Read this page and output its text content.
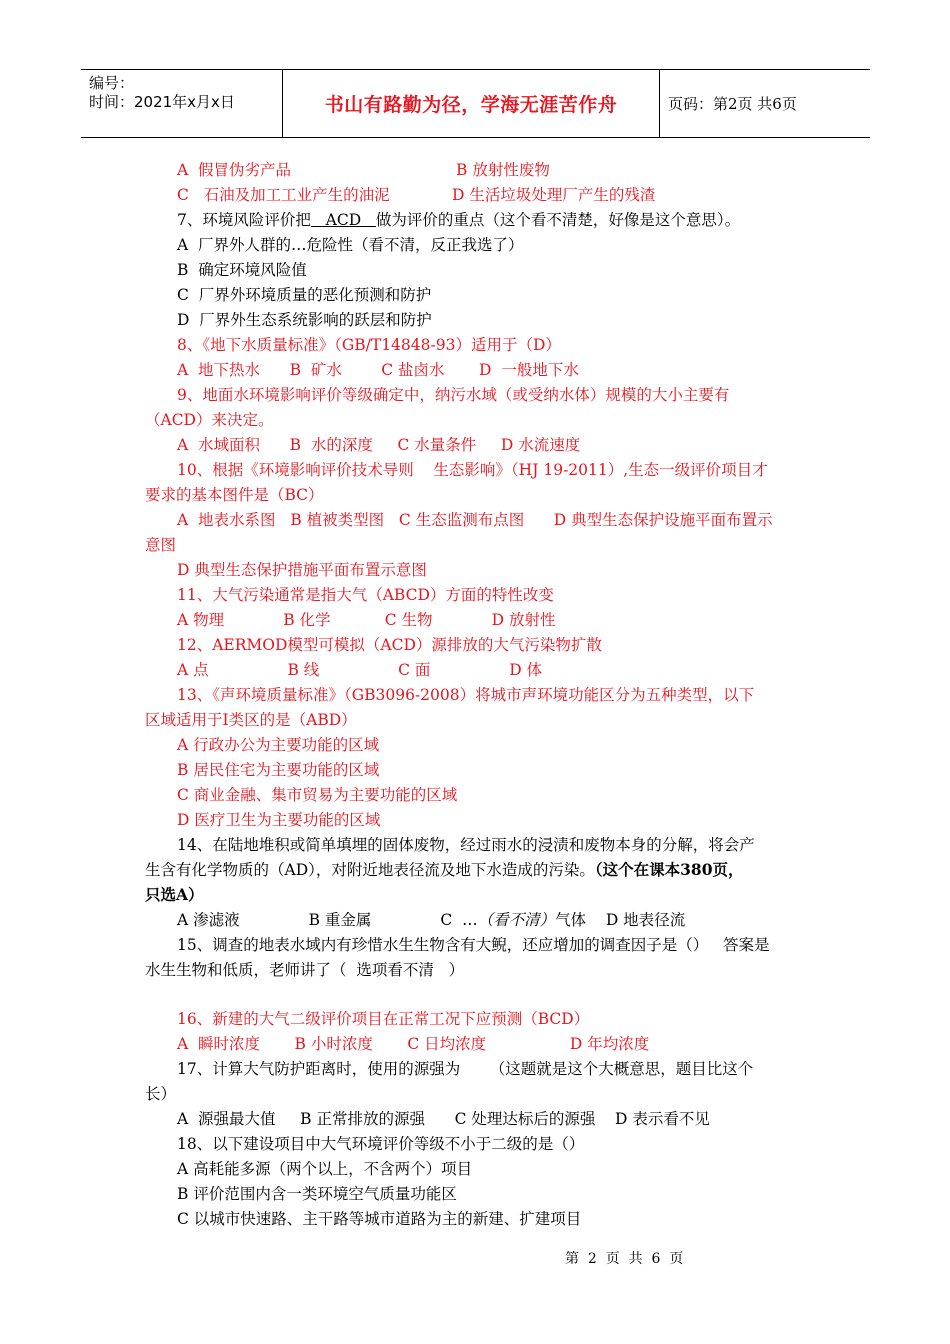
编号：
时间：2021年x月x日	书山有路勤为径，学海无涯苦作舟	页码：第2页 共6页
A  假冒伪劣产品	B 放射性废物
C   石油及加工工业产生的油泥	D 生活垃圾处理厂产生的残渣
7、环境风险评价把   ACD   做为评价的重点（这个看不清楚，好像是这个意思）。
A  厂界外人群的…危险性（看不清，反正我选了）
B  确定环境风险值
C  厂界外环境质量的恶化预测和防护
D  厂界外生态系统影响的跃层和防护
8、《地下水质量标准》（GB/T14848-93）适用于（D）
A  地下热水      B  矿水        C 盐卤水       D  一般地下水
9、地面水环境影响评价等级确定中，纳污水域（或受纳水体）规模的大小主要有
（ACD）来决定。
A  水域面积      B  水的深度     C 水量条件     D 水流速度
10、根据《环境影响评价技术导则    生态影响》（HJ 19-2011）,生态一级评价项目才
要求的基本图件是（BC）
A  地表水系图   B 植被类型图   C 生态监测布点图      D 典型生态保护设施平面布置示
意图
D 典型生态保护措施平面布置示意图
11、大气污染通常是指大气（ABCD）方面的特性改变
A 物理            B 化学           C 生物            D 放射性
12、AERMOD模型可模拟（ACD）源排放的大气污染物扩散
A 点                B 线                C 面                D 体
13、《声环境质量标准》（GB3096-2008）将城市声环境功能区分为五种类型，以下
区域适用于I类区的是（ABD）
A 行政办公为主要功能的区域
B 居民住宅为主要功能的区域
C 商业金融、集市贸易为主要功能的区域
D 医疗卫生为主要功能的区域
14、在陆地堆积或简单填埋的固体废物，经过雨水的浸渍和废物本身的分解，将会产
生含有化学物质的（AD），对附近地表径流及地下水造成的污染。（这个在课本380页，
只选A）
A 渗滤液              B 重金属              C  …（看不清）气体    D 地表径流
15、调查的地表水域内有珍惜水生生物含有大鲵，还应增加的调查因子是（）   答案是
水生生物和低质，老师讲了（  选项看不清   ）
16、新建的大气二级评价项目在正常工况下应预测（BCD）
A  瞬时浓度       B 小时浓度       C 日均浓度                 D 年均浓度
17、计算大气防护距离时，使用的源强为      （这题就是这个大概意思，题目比这个
长）
A  源强最大值     B 正常排放的源强      C 处理达标后的源强    D 表示看不见
18、以下建设项目中大气环境评价等级不小于二级的是（）
A 高耗能多源（两个以上，不含两个）项目
B 评价范围内含一类环境空气质量功能区
C 以城市快速路、主干路等城市道路为主的新建、扩建项目
第  2  页  共  6  页
